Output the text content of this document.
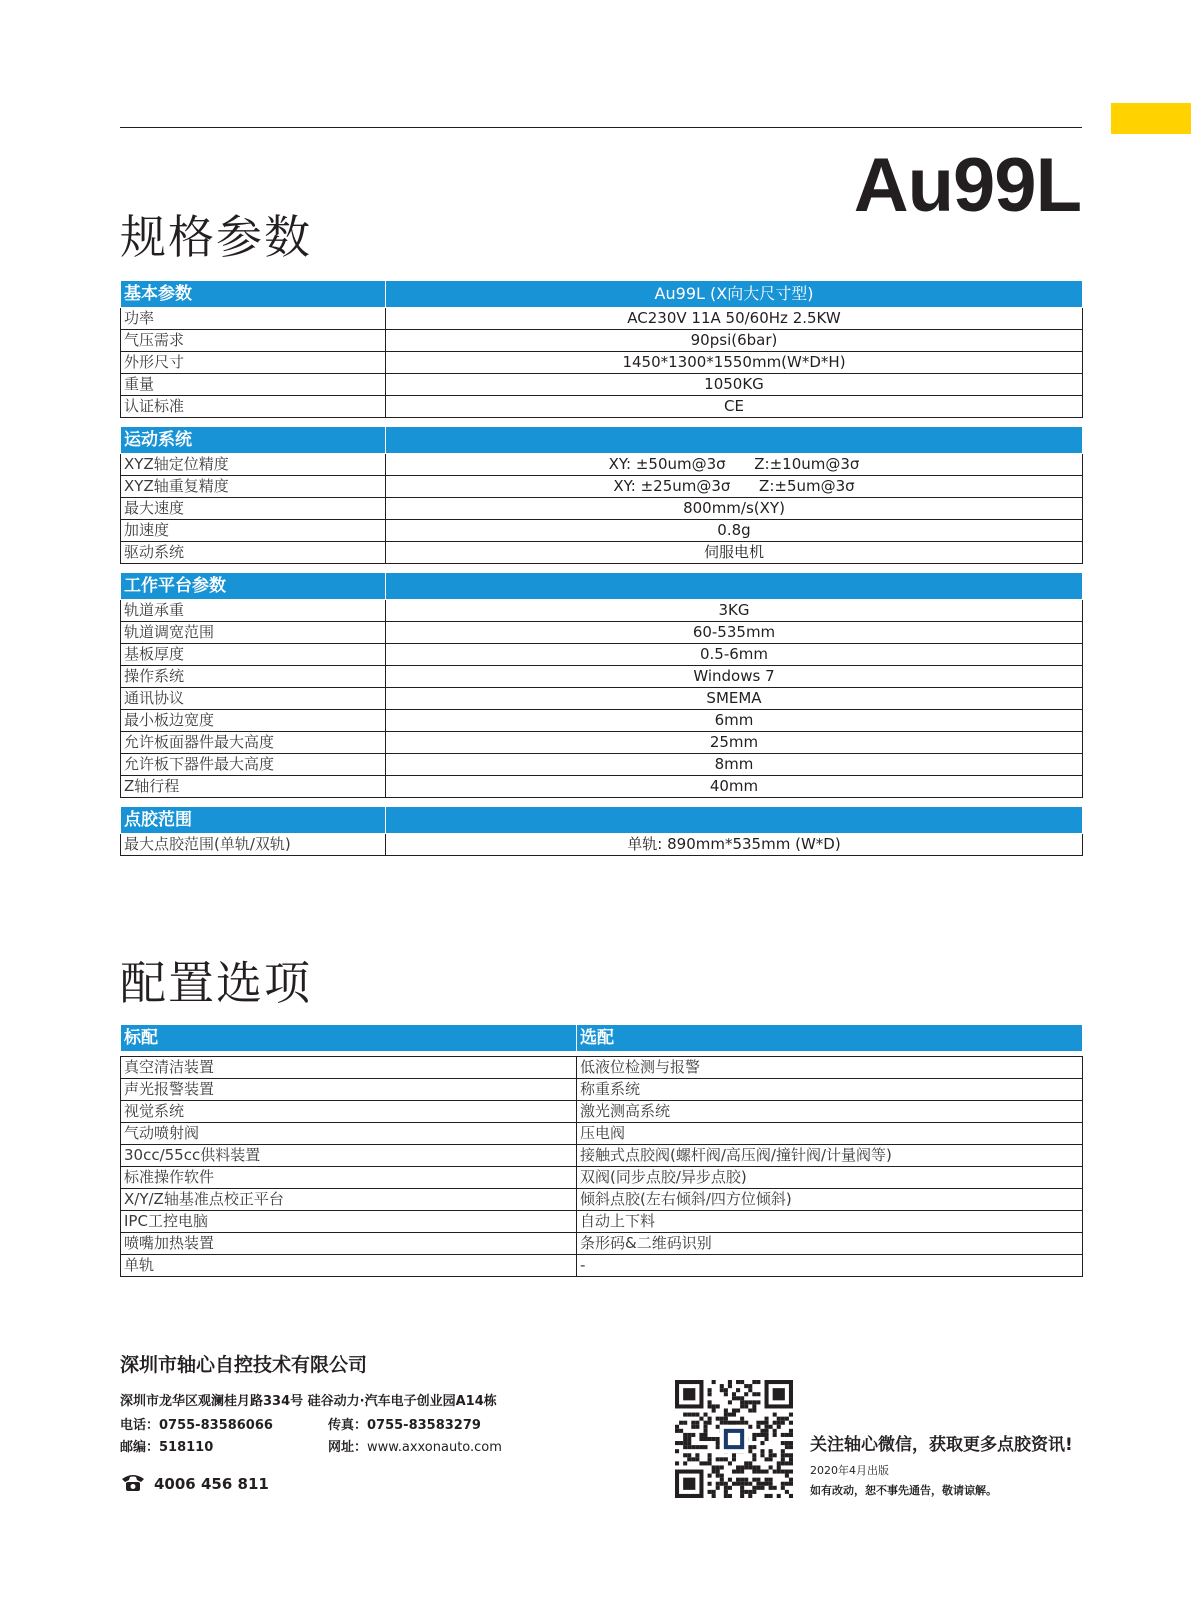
Au99L
规格参数
基本参数	Au99L (X向大尺寸型)
功率	AC230V 11A 50/60Hz 2.5KW
气压需求	90psi(6bar)
外形尺寸	1450*1300*1550mm(W*D*H)
重量	1050KG
认证标准	CE

运动系统	
XYZ轴定位精度	XY: ±50um@3σ      Z:±10um@3σ
XYZ轴重复精度	XY: ±25um@3σ      Z:±5um@3σ
最大速度	800mm/s(XY)
加速度	0.8g
驱动系统	伺服电机

工作平台参数	
轨道承重	3KG
轨道调宽范围	60-535mm
基板厚度	0.5-6mm
操作系统	Windows 7
通讯协议	SMEMA
最小板边宽度	6mm
允许板面器件最大高度	25mm
允许板下器件最大高度	8mm
Z轴行程	40mm

点胶范围	
最大点胶范围(单轨/双轨)	单轨: 890mm*535mm (W*D)
配置选项
标配	选配

真空清洁装置	低液位检测与报警
声光报警装置	称重系统
视觉系统	激光测高系统
气动喷射阀	压电阀
30cc/55cc供料装置	接触式点胶阀(螺杆阀/高压阀/撞针阀/计量阀等)
标准操作软件	双阀(同步点胶/异步点胶)
X/Y/Z轴基准点校正平台	倾斜点胶(左右倾斜/四方位倾斜)
IPC工控电脑	自动上下料
喷嘴加热装置	条形码&二维码识别
单轨	-
深圳市轴心自控技术有限公司
深圳市龙华区观澜桂月路334号 硅谷动力·汽车电子创业园A14栋
电话：0755-83586066	传真：0755-83583279
邮编：518110	网址：www.axxonauto.com
4006 456 811
关注轴心微信，获取更多点胶资讯!
2020年4月出版
如有改动，恕不事先通告，敬请谅解。
